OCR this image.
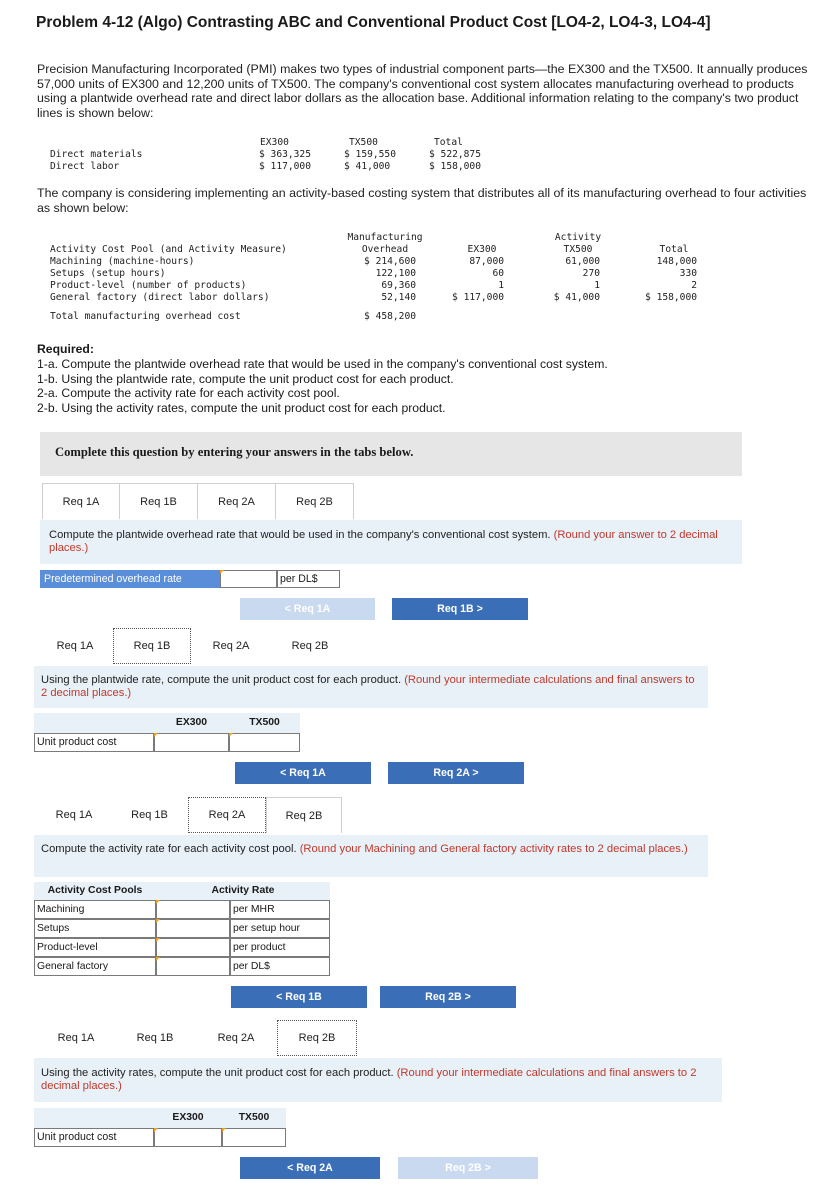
Problem 4-12 (Algo) Contrasting ABC and Conventional Product Cost [LO4-2, LO4-3, LO4-4]
Precision Manufacturing Incorporated (PMI) makes two types of industrial component parts—the EX300 and the TX500. It annually produces 57,000 units of EX300 and 12,200 units of TX500. The company's conventional cost system allocates manufacturing overhead to products using a plantwide overhead rate and direct labor dollars as the allocation base. Additional information relating to the company's two product lines is shown below:
EX300	TX500	Total
Direct materials	$ 363,325	$ 159,550	$ 522,875
Direct labor	$ 117,000	$ 41,000	$ 158,000
The company is considering implementing an activity-based costing system that distributes all of its manufacturing overhead to four activities as shown below:
Manufacturing
Overhead
Activity
Activity Cost Pool (and Activity Measure)	EX300	TX500	Total
Machining (machine-hours)	$ 214,600	87,000	61,000	148,000
Setups (setup hours)	122,100	60	270	330
Product-level (number of products)	69,360	1	1	2
General factory (direct labor dollars)	52,140	$ 117,000	$ 41,000	$ 158,000
Total manufacturing overhead cost	$ 458,200
Required:
1-a. Compute the plantwide overhead rate that would be used in the company's conventional cost system.
1-b. Using the plantwide rate, compute the unit product cost for each product.
2-a. Compute the activity rate for each activity cost pool.
2-b. Using the activity rates, compute the unit product cost for each product.
Complete this question by entering your answers in the tabs below.
Req 1A	Req 1B	Req 2A	Req 2B
Compute the plantwide overhead rate that would be used in the company's conventional cost system. (Round your answer to 2 decimal places.)
Predetermined overhead rate	per DL$
< Req 1A	Req 1B >
Req 1A	Req 1B	Req 2A	Req 2B
Using the plantwide rate, compute the unit product cost for each product. (Round your intermediate calculations and final answers to 2 decimal places.)
EX300	TX500
Unit product cost
< Req 1A	Req 2A >
Req 1A	Req 1B	Req 2A	Req 2B
Compute the activity rate for each activity cost pool. (Round your Machining and General factory activity rates to 2 decimal places.)
Activity Cost Pools	Activity Rate
Machining	per MHR
Setups	per setup hour
Product-level	per product
General factory	per DL$
< Req 1B	Req 2B >
Req 1A	Req 1B	Req 2A	Req 2B
Using the activity rates, compute the unit product cost for each product. (Round your intermediate calculations and final answers to 2 decimal places.)
EX300	TX500
Unit product cost
< Req 2A	Req 2B >
